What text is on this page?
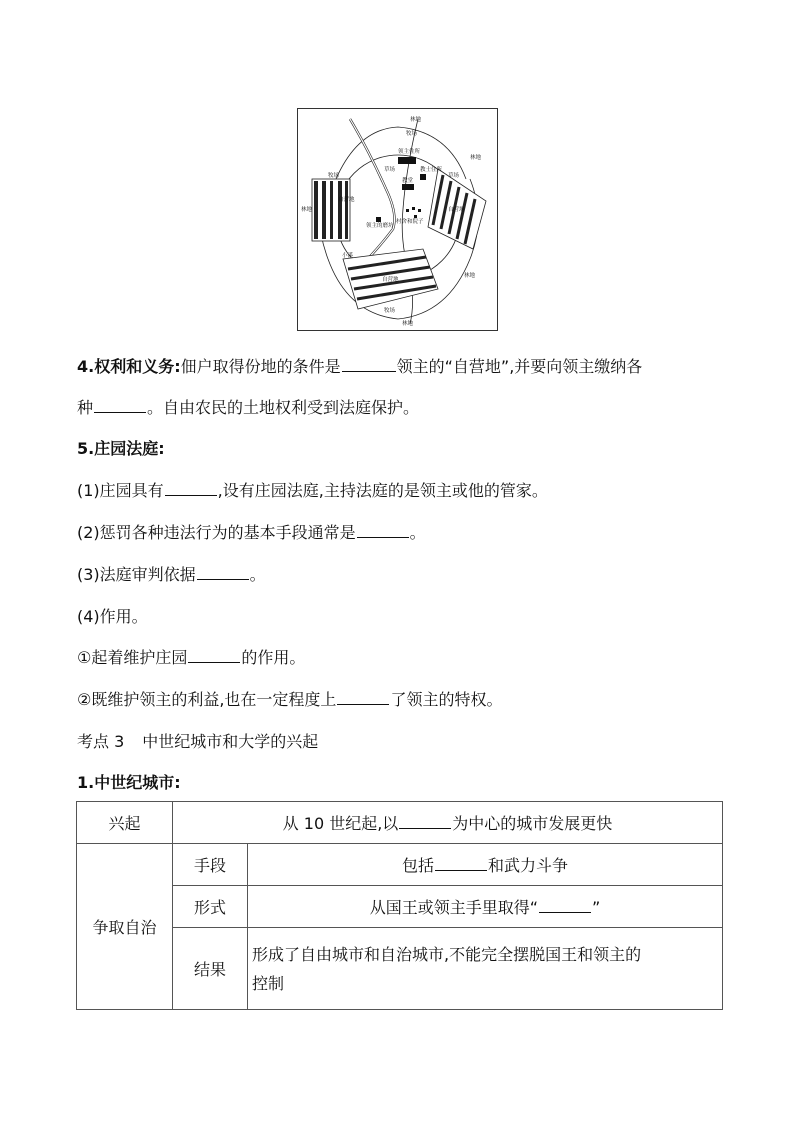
林地
牧场
领主住所
林地
牧场
教士住所
草场
草场
教堂
自营地
林地	自营地
村舍和院子
领主的磨坊
小溪
林地
自营地
牧场
林地
4.权利和义务:佃户取得份地的条件是	领主的“自营地”,并要向领主缴纳各
种	。自由农民的土地权利受到法庭保护。
5.庄园法庭:
(1)庄园具有	,设有庄园法庭,主持法庭的是领主或他的管家。
(2)惩罚各种违法行为的基本手段通常是	。
(3)法庭审判依据	。
(4)作用。
①起着维护庄园	的作用。
②既维护领主的利益,也在一定程度上	了领主的特权。
考点 3 中世纪城市和大学的兴起
1.中世纪城市:
兴起	从 10 世纪起,以 为中心的城市发展更快	
争取自治	手段	包括 和武力斗争
	形式	从国王或领主手里取得“ ”
	结果	形成了自由城市和自治城市,不能完全摆脱国王和领主的
控制
